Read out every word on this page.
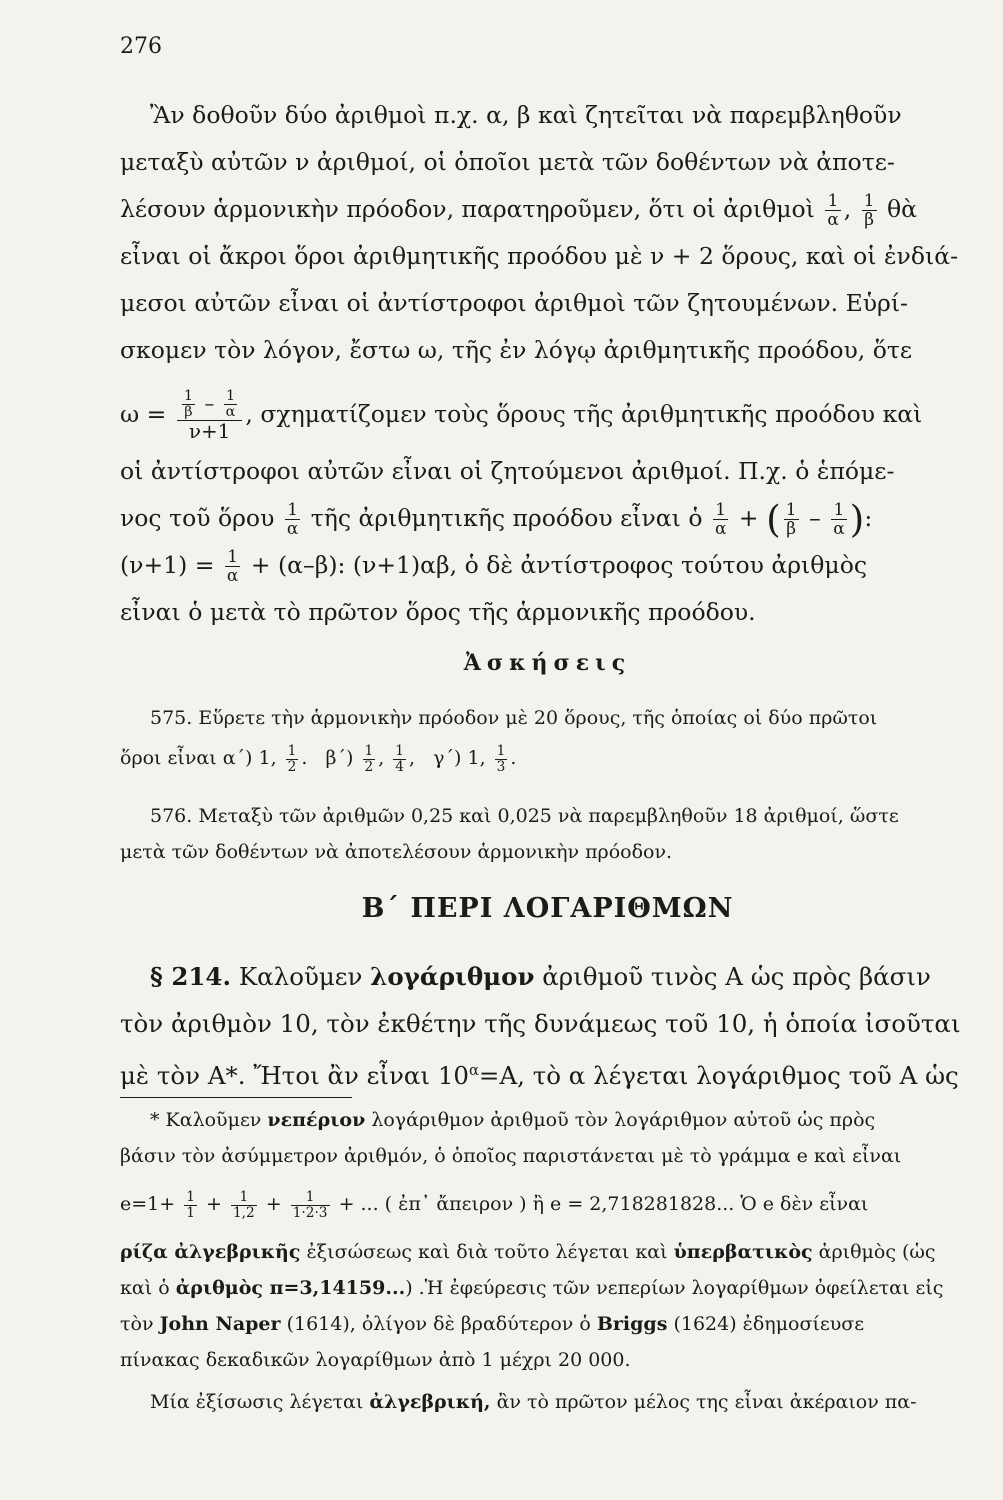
276

Ἂν δοθοῦν δύο ἀριθμοὶ π.χ. α, β καὶ ζητεῖται νὰ παρεμβληθοῦν

μεταξὺ αὐτῶν ν ἀριθμοί, οἱ ὁποῖοι μετὰ τῶν δοθέντων νὰ ἀποτε-

λέσουν ἁρμονικὴν πρόοδον, παρατηροῦμεν, ὅτι οἱ ἀριθμοὶ $\frac{1}{\alpha}$ , $\frac{1}{\beta}$ θὰ

εἶναι οἱ ἄκροι ὅροι ἀριθμητικῆς προόδου μὲ ν + 2 ὅρους, καὶ οἱ ἐνδιά-

μεσοι αὐτῶν εἶναι οἱ ἀντίστροφοι ἀριθμοὶ τῶν ζητουμένων. Εὑρί-

σκομεν τὸν λόγον, ἔστω ω, τῆς ἐν λόγῳ ἀριθμητικῆς προόδου, ὅτε

$\omega = \frac{\frac{1}{\beta} - \frac{1}{\alpha}}{\nu+1}$ , σχηματίζομεν τοὺς ὅρους τῆς ἀριθμητικῆς προόδου καὶ

οἱ ἀντίστροφοι αὐτῶν εἶναι οἱ ζητούμενοι ἀριθμοί. Π.χ. ὁ ἑπόμε-

νος τοῦ ὅρου $\frac{1}{\alpha}$ τῆς ἀριθμητικῆς προόδου εἶναι ὁ $\frac{1}{\alpha}$ + ( $\frac{1}{\beta} - \frac{1}{\alpha}$ ):

$(\nu+1) = \frac{1}{\alpha} + (\alpha-\beta)$: (ν+1)αβ, ὁ δὲ ἀντίστροφος τούτου ἀριθμὸς

εἶναι ὁ μετὰ τὸ πρῶτον ὅρος τῆς ἁρμονικῆς προόδου.

Ἀσκήσεις

575. Εὕρετε τὴν ἁρμονικὴν πρόοδον μὲ 20 ὅρους, τῆς ὁποίας οἱ δύο πρῶτοι

ὅροι εἶναι α΄) 1, $\frac{1}{2}$ . $\beta΄) \frac{1}{2}$ , $\frac{1}{4}$ , γ΄) 1, $\frac{1}{3}$ .

576. Μεταξὺ τῶν ἀριθμῶν 0,25 καὶ 0,025 νὰ παρεμβληθοῦν 18 ἀριθμοί, ὥστε

μετὰ τῶν δοθέντων νὰ ἀποτελέσουν ἁρμονικὴν πρόοδον.

Β΄ ΠΕΡΙ ΛΟΓΑΡΙΘΜΩΝ

§ 214. Καλοῦμεν λογάριθμον ἀριθμοῦ τινὸς Α ὡς πρὸς βάσιν

τὸν ἀριθμὸν 10, τὸν ἐκθέτην τῆς δυνάμεως τοῦ 10, ἡ ὁποία ἰσοῦται

μὲ τὸν Α*. Ἤτοι ἂν εἶναι $10^\alpha=A$, τὸ α λέγεται λογάριθμος τοῦ Α ὡς

* Καλοῦμεν νεπέριον λογάριθμον ἀριθμοῦ τὸν λογάριθμον αὐτοῦ ὡς πρὸς

βάσιν τὸν ἀσύμμετρον ἀριθμόν, ὁ ὁποῖος παριστάνεται μὲ τὸ γράμμα e καὶ εἶναι

$e=1+ \frac{1}{1} + \frac{1}{1,2} + \frac{1}{1\cdot 2\cdot 3}$ + ... ( ἐπ᾽ ἄπειρον ) ἢ e = 2,718281828... Ὁ e δὲν εἶναι

ρίζα ἀλγεβρικῆς ἐξισώσεως καὶ διὰ τοῦτο λέγεται καὶ ὑπερβατικὸς ἀριθμὸς (ὡς

καὶ ὁ ἀριθμὸς π=3,14159...) .Ἡ ἐφεύρεσις τῶν νεπερίων λογαρίθμων ὀφείλεται εἰς

τὸν John Naper (1614), ὀλίγον δὲ βραδύτερον ὁ Briggs (1624) ἐδημοσίευσε

πίνακας δεκαδικῶν λογαρίθμων ἀπὸ 1 μέχρι 20 000.

Μία ἐξίσωσις λέγεται ἀλγεβρική, ἂν τὸ πρῶτον μέλος της εἶναι ἀκέραιον πα-
